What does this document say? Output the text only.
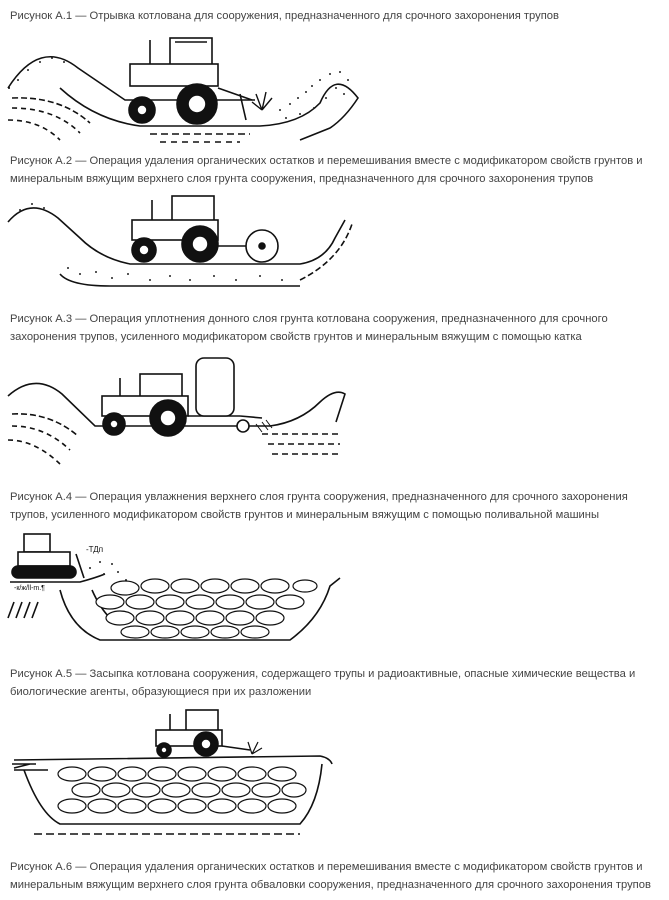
Рисунок А.1 — Отрывка котлована для сооружения, предназначенного для срочного захоронения трупов

Рисунок А.2 — Операция удаления органических остатков и перемешивания вместе с модификатором свойств грунтов и минеральным вяжущим верхнего слоя грунта сооружения, предназначенного для срочного захоронения трупов

Рисунок А.3 — Операция уплотнения донного слоя грунта котлована сооружения, предназначенного для срочного захоронения трупов, усиленного модификатором свойств грунтов и минеральным вяжущим с помощью катка

Рисунок А.4 — Операция увлажнения верхнего слоя грунта сооружения, предназначенного для срочного захоронения трупов, усиленного модификатором свойств грунтов и минеральным вяжущим с помощью поливальной машины

-ТДп
-к/ж/ll-m.¶

Рисунок А.5 — Засыпка котлована сооружения, содержащего трупы и радиоактивные, опасные химические вещества и биологические агенты, образующиеся при их разложении

Рисунок А.6 — Операция удаления органических остатков и перемешивания вместе с модификатором свойств грунтов и минеральным вяжущим верхнего слоя грунта обваловки сооружения, предназначенного для срочного захоронения трупов
